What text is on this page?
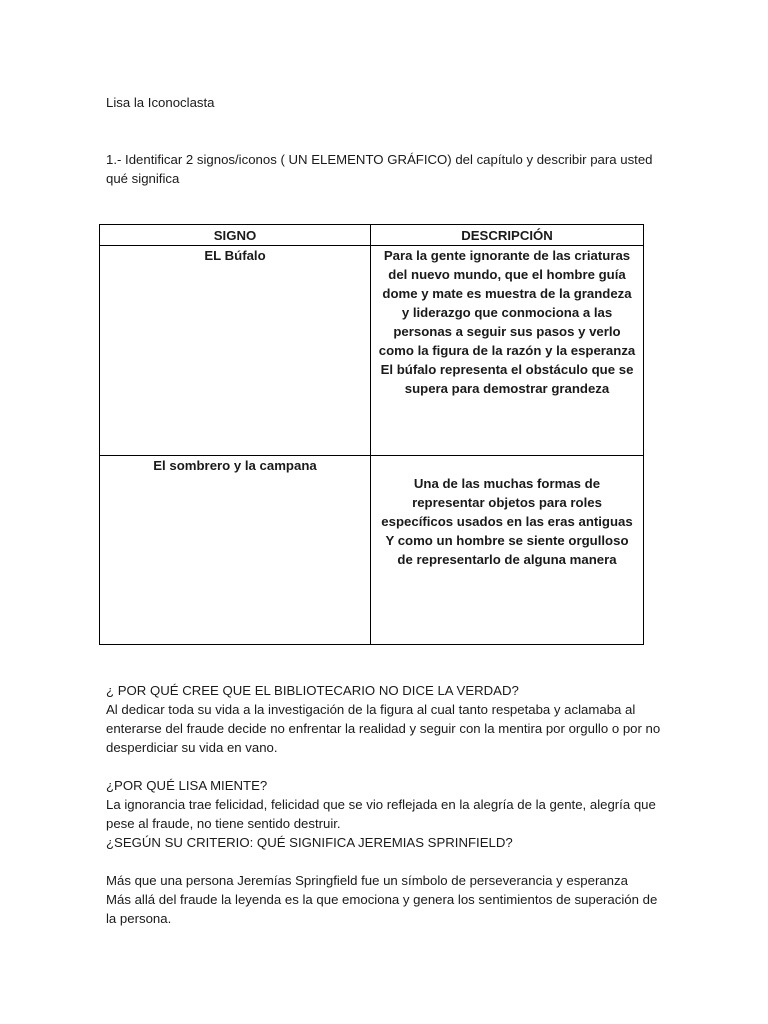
Lisa la Iconoclasta
1.- Identificar 2 signos/iconos ( UN ELEMENTO GRÁFICO) del capítulo y describir para usted qué significa
SIGNO	DESCRIPCIÓN
EL Búfalo	Para la gente ignorante de las criaturas del nuevo mundo, que el hombre guía dome y mate es muestra de la grandeza y liderazgo que conmociona a las personas a seguir sus pasos y verlo como la figura de la razón y la esperanza
El búfalo representa el obstáculo que se supera para demostrar grandeza
El sombrero y la campana	Una de las muchas formas de representar objetos para roles específicos usados en las eras antiguas
Y como un hombre se siente orgulloso de representarlo de alguna manera

¿ POR QUÉ CREE QUE EL BIBLIOTECARIO NO DICE LA VERDAD?

Al dedicar toda su vida a la investigación de la figura al cual tanto respetaba y aclamaba al enterarse del fraude decide no enfrentar la realidad y seguir con la mentira por orgullo o por no desperdiciar su vida en vano.

¿POR QUÉ LISA MIENTE?

La ignorancia trae felicidad, felicidad que se vio reflejada en la alegría de la gente, alegría que pese al fraude, no tiene sentido destruir.

¿SEGÚN SU CRITERIO: QUÉ SIGNIFICA JEREMIAS SPRINFIELD?

Más que una persona Jeremías Springfield fue un símbolo de perseverancia y esperanza

Más allá del fraude la leyenda es la que emociona y genera los sentimientos de superación de la persona.
